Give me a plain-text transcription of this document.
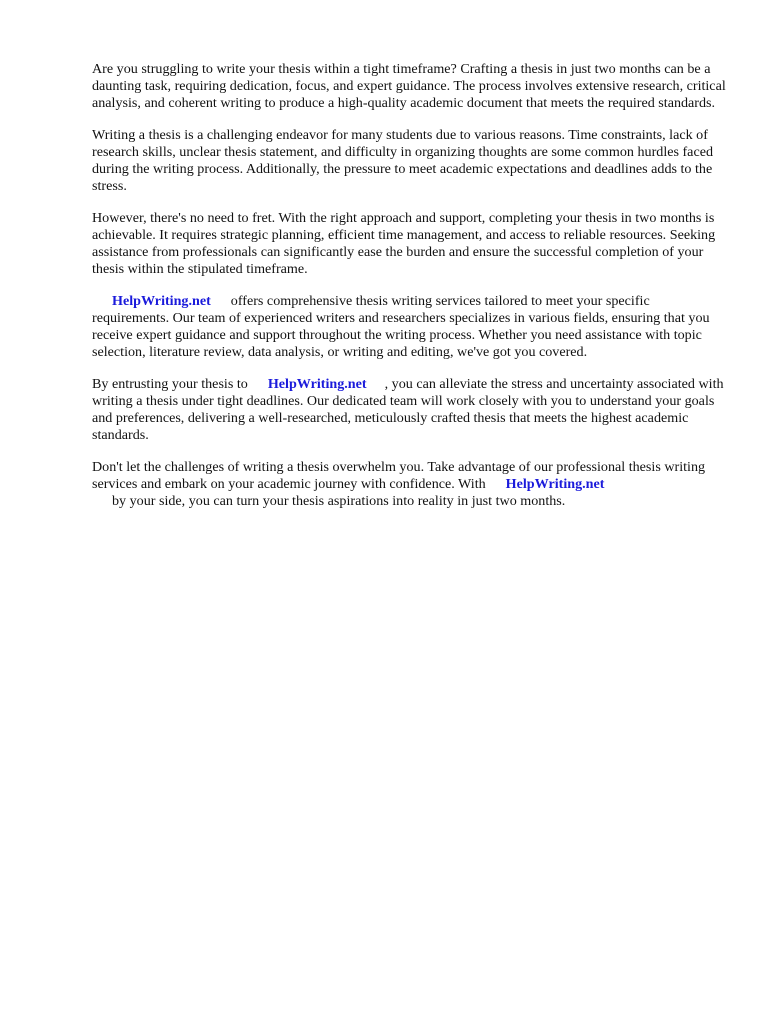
Are you struggling to write your thesis within a tight timeframe? Crafting a thesis in just two months can be a daunting task, requiring dedication, focus, and expert guidance. The process involves extensive research, critical analysis, and coherent writing to produce a high-quality academic document that meets the required standards.

Writing a thesis is a challenging endeavor for many students due to various reasons. Time constraints, lack of research skills, unclear thesis statement, and difficulty in organizing thoughts are some common hurdles faced during the writing process. Additionally, the pressure to meet academic expectations and deadlines adds to the stress.

However, there's no need to fret. With the right approach and support, completing your thesis in two months is achievable. It requires strategic planning, efficient time management, and access to reliable resources. Seeking assistance from professionals can significantly ease the burden and ensure the successful completion of your thesis within the stipulated timeframe.

HelpWriting.net offers comprehensive thesis writing services tailored to meet your specific requirements. Our team of experienced writers and researchers specializes in various fields, ensuring that you receive expert guidance and support throughout the writing process. Whether you need assistance with topic selection, literature review, data analysis, or writing and editing, we've got you covered.

By entrusting your thesis to HelpWriting.net , you can alleviate the stress and uncertainty associated with writing a thesis under tight deadlines. Our dedicated team will work closely with you to understand your goals and preferences, delivering a well-researched, meticulously crafted thesis that meets the highest academic standards.

Don't let the challenges of writing a thesis overwhelm you. Take advantage of our professional thesis writing services and embark on your academic journey with confidence. With HelpWriting.net
by your side, you can turn your thesis aspirations into reality in just two months.
